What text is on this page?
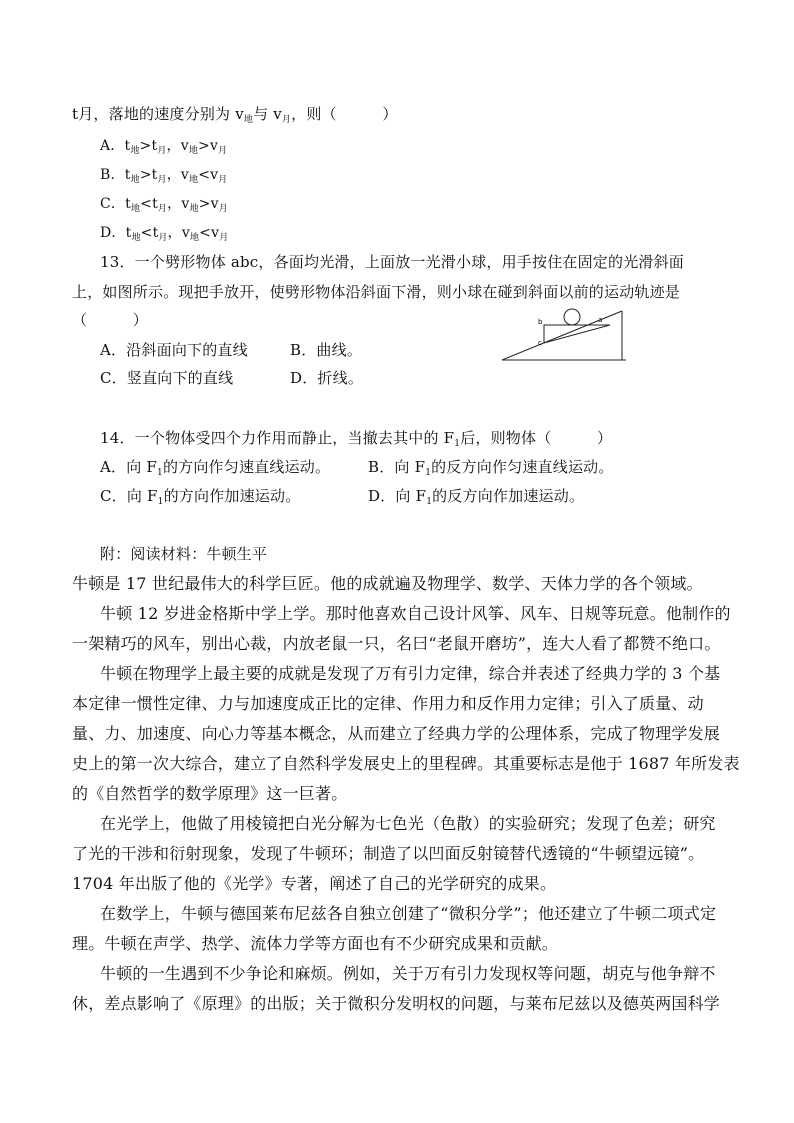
t月，落地的速度分别为 $v_地$与 $v_月$，则（　　　）
A．$t_地>t_月$，$v_地>v_月$
B．$t_地>t_月$，$v_地<v_月$
C．$t_地<t_月$，$v_地>v_月$
D．$t_地<t_月$，$v_地<v_月$
13．一个劈形物体 abc，各面均光滑，上面放一光滑小球，用手按住在固定的光滑斜面
上，如图所示。现把手放开，使劈形物体沿斜面下滑，则小球在碰到斜面以前的运动轨迹是
（　　　）
A．沿斜面向下的直线	B．曲线。
C．竖直向下的直线	D．折线。
b
c
a
14．一个物体受四个力作用而静止，当撤去其中的 $F_1$后，则物体（　　　）
A．向 $F_1$的方向作匀速直线运动。	B．向 $F_1$的反方向作匀速直线运动。
C．向 $F_1$的方向作加速运动。	D．向 $F_1$的反方向作加速运动。
附：阅读材料：牛顿生平
牛顿是 17 世纪最伟大的科学巨匠。他的成就遍及物理学、数学、天体力学的各个领域。
牛顿 12 岁进金格斯中学上学。那时他喜欢自己设计风筝、风车、日规等玩意。他制作的
一架精巧的风车，别出心裁，内放老鼠一只，名曰“老鼠开磨坊”，连大人看了都赞不绝口。
牛顿在物理学上最主要的成就是发现了万有引力定律，综合并表述了经典力学的 3 个基
本定律一惯性定律、力与加速度成正比的定律、作用力和反作用力定律；引入了质量、动
量、力、加速度、向心力等基本概念，从而建立了经典力学的公理体系，完成了物理学发展
史上的第一次大综合，建立了自然科学发展史上的里程碑。其重要标志是他于 1687 年所发表
的《自然哲学的数学原理》这一巨著。
在光学上，他做了用棱镜把白光分解为七色光（色散）的实验研究；发现了色差；研究
了光的干涉和衍射现象，发现了牛顿环；制造了以凹面反射镜替代透镜的“牛顿望远镜”。
1704 年出版了他的《光学》专著，阐述了自己的光学研究的成果。
在数学上，牛顿与德国莱布尼兹各自独立创建了“微积分学”；他还建立了牛顿二项式定
理。牛顿在声学、热学、流体力学等方面也有不少研究成果和贡献。
牛顿的一生遇到不少争论和麻烦。例如，关于万有引力发现权等问题，胡克与他争辩不
休，差点影响了《原理》的出版；关于微积分发明权的问题，与莱布尼兹以及德英两国科学
